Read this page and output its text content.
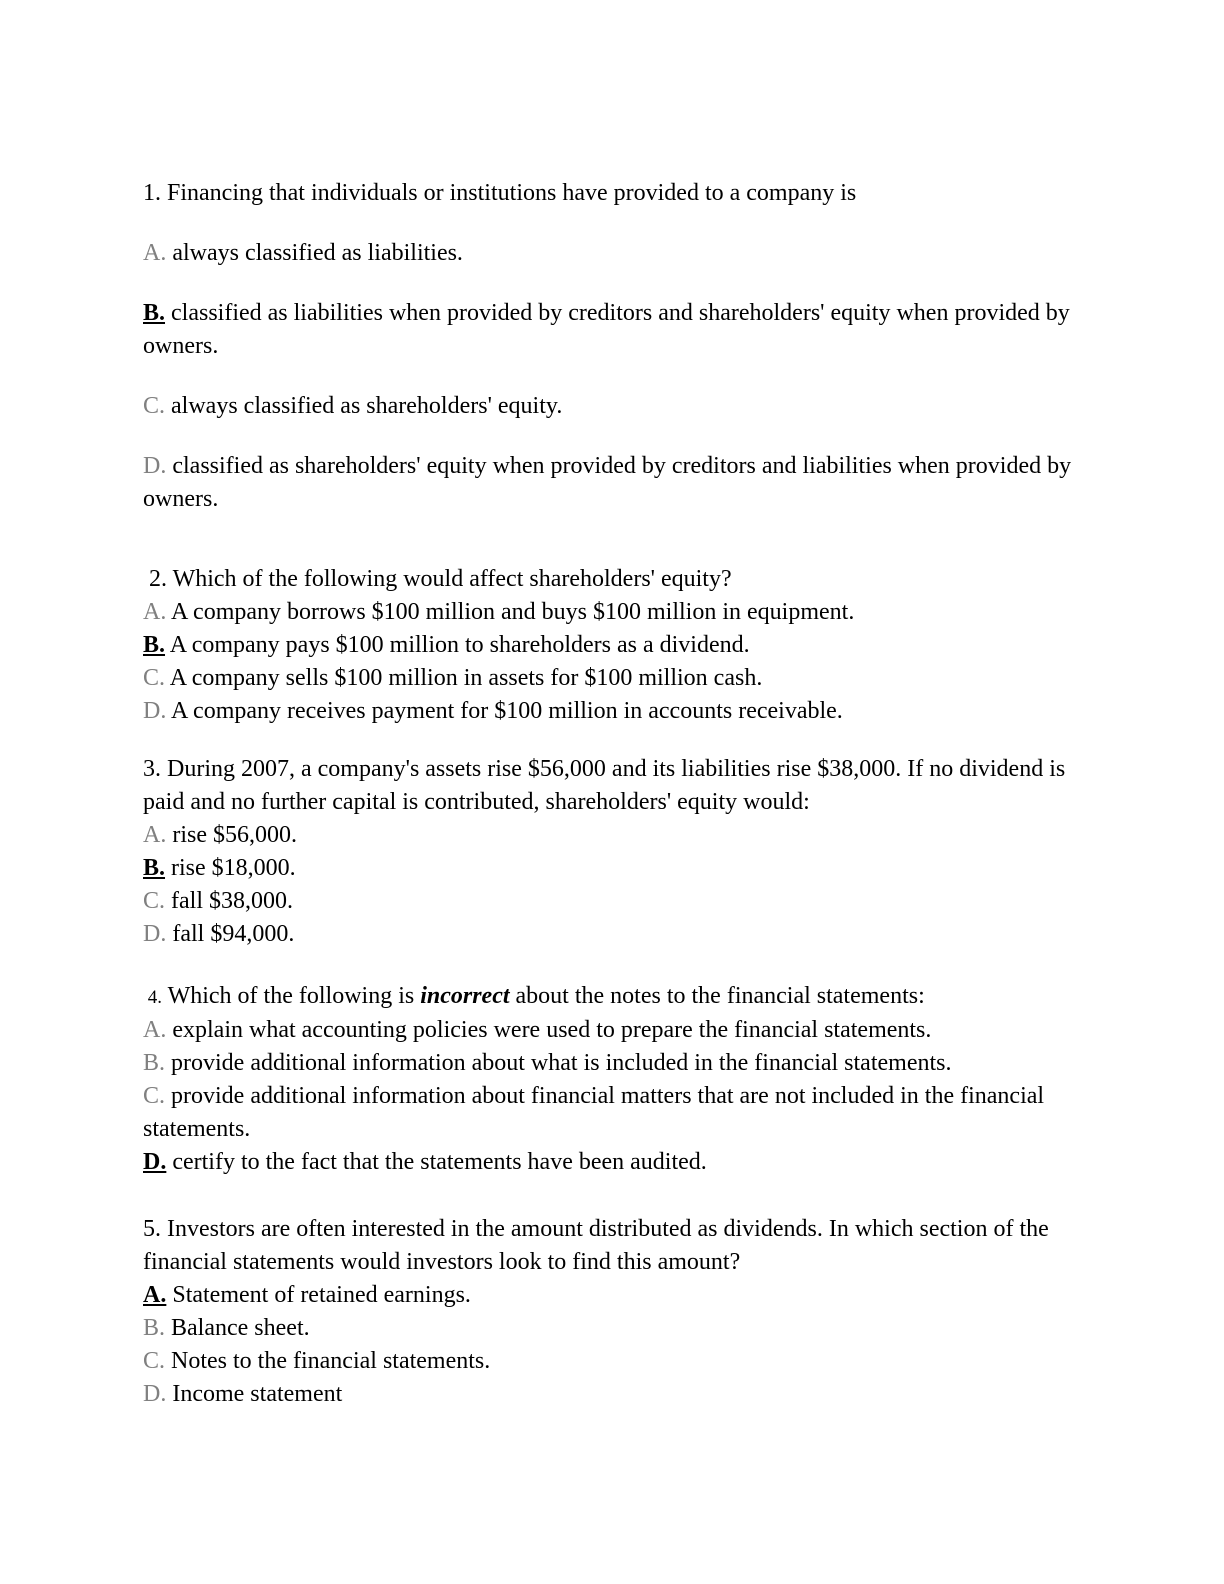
1. Financing that individuals or institutions have provided to a company is
A. always classified as liabilities.
B. classified as liabilities when provided by creditors and shareholders' equity when provided by owners.
C. always classified as shareholders' equity.
D. classified as shareholders' equity when provided by creditors and liabilities when provided by owners.
2. Which of the following would affect shareholders' equity?
A. A company borrows $100 million and buys $100 million in equipment.
B. A company pays $100 million to shareholders as a dividend.
C. A company sells $100 million in assets for $100 million cash.
D. A company receives payment for $100 million in accounts receivable.
3. During 2007, a company's assets rise $56,000 and its liabilities rise $38,000. If no dividend is paid and no further capital is contributed, shareholders' equity would:
A. rise $56,000.
B. rise $18,000.
C. fall $38,000.
D. fall $94,000.
4. Which of the following is incorrect about the notes to the financial statements:
A. explain what accounting policies were used to prepare the financial statements.
B. provide additional information about what is included in the financial statements.
C. provide additional information about financial matters that are not included in the financial statements.
D. certify to the fact that the statements have been audited.
5. Investors are often interested in the amount distributed as dividends. In which section of the financial statements would investors look to find this amount?
A. Statement of retained earnings.
B. Balance sheet.
C. Notes to the financial statements.
D. Income statement
